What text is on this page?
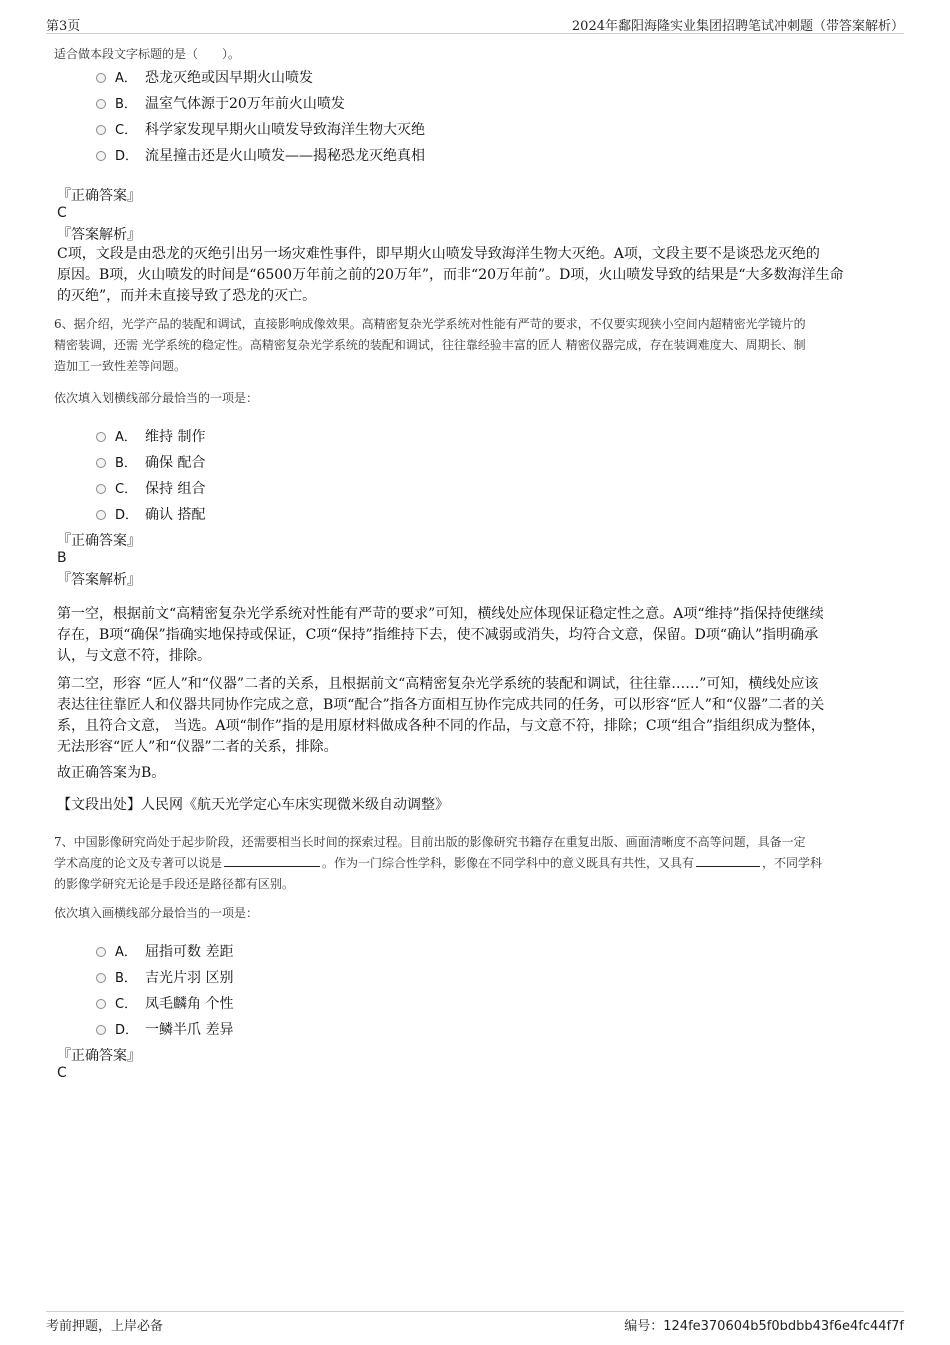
第3页	2024年鄱阳海隆实业集团招聘笔试冲刺题（带答案解析）
适合做本段文字标题的是（　　）。
A． 恐龙灭绝或因早期火山喷发
B． 温室气体源于20万年前火山喷发
C． 科学家发现早期火山喷发导致海洋生物大灭绝
D． 流星撞击还是火山喷发——揭秘恐龙灭绝真相
『正确答案』
C
『答案解析』
C项，文段是由恐龙的灭绝引出另一场灾难性事件，即早期火山喷发导致海洋生物大灭绝。A项，文段主要不是谈恐龙灭绝的
原因。B项，火山喷发的时间是“6500万年前之前的20万年”，而非“20万年前”。D项，火山喷发导致的结果是“大多数海洋生命
的灭绝”，而并未直接导致了恐龙的灭亡。
6、据介绍，光学产品的装配和调试，直接影响成像效果。高精密复杂光学系统对性能有严苛的要求，不仅要实现狭小空间内超精密光学镜片的
精密装调，还需 光学系统的稳定性。高精密复杂光学系统的装配和调试，往往靠经验丰富的匠人 精密仪器完成，存在装调难度大、周期长、制
造加工一致性差等问题。
依次填入划横线部分最恰当的一项是：
A． 维持 制作
B． 确保 配合
C． 保持 组合
D． 确认 搭配
『正确答案』
B
『答案解析』
第一空，根据前文“高精密复杂光学系统对性能有严苛的要求”可知，横线处应体现保证稳定性之意。A项“维持”指保持使继续
存在，B项“确保”指确实地保持或保证，C项“保持”指维持下去，使不减弱或消失，均符合文意，保留。D项“确认”指明确承
认，与文意不符，排除。
第二空，形容 “匠人”和“仪器”二者的关系，且根据前文“高精密复杂光学系统的装配和调试，往往靠……”可知，横线处应该
表达往往靠匠人和仪器共同协作完成之意，B项“配合”指各方面相互协作完成共同的任务，可以形容“匠人”和“仪器”二者的关
系，且符合文意， 当选。A项“制作”指的是用原材料做成各种不同的作品，与文意不符，排除；C项“组合”指组织成为整体，
无法形容“匠人”和“仪器”二者的关系，排除。
故正确答案为B。
【文段出处】人民网《航天光学定心车床实现微米级自动调整》
7、中国影像研究尚处于起步阶段，还需要相当长时间的探索过程。目前出版的影像研究书籍存在重复出版、画面清晰度不高等问题，具备一定
学术高度的论文及专著可以说是	。作为一门综合性学科，影像在不同学科中的意义既具有共性，又具有	，不同学科
的影像学研究无论是手段还是路径都有区别。
依次填入画横线部分最恰当的一项是：
A． 屈指可数 差距
B． 吉光片羽 区别
C． 凤毛麟角 个性
D． 一鳞半爪 差异
『正确答案』
C
考前押题，上岸必备	编号：124fe370604b5f0bdbb43f6e4fc44f7f
